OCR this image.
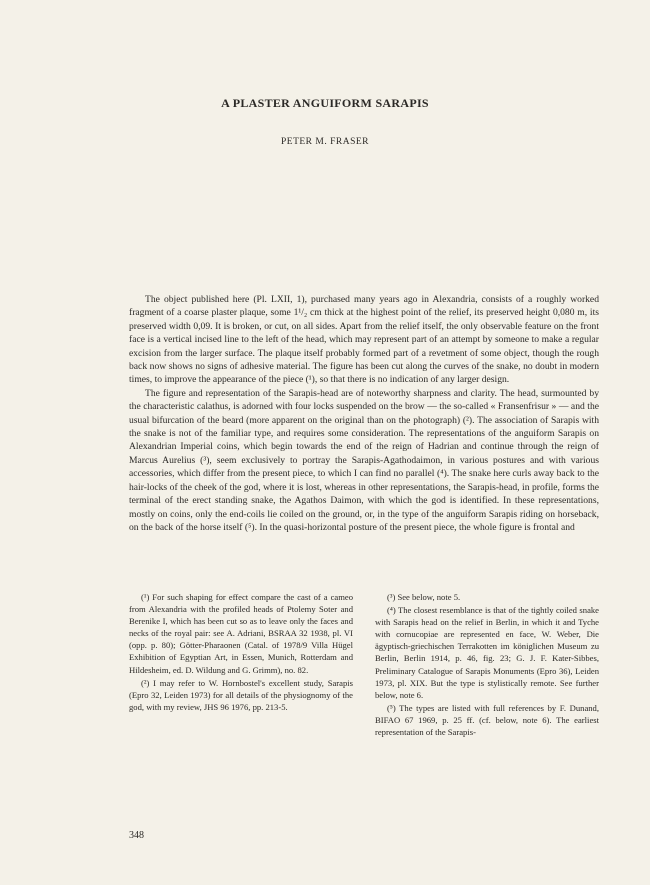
A PLASTER ANGUIFORM SARAPIS
PETER M. FRASER

The object published here (Pl. LXII, 1), purchased many years ago in Alexandria, consists of a roughly worked fragment of a coarse plaster plaque, some 1¹/₂ cm thick at the highest point of the relief, its preserved height 0,080 m, its preserved width 0,09. It is broken, or cut, on all sides. Apart from the relief itself, the only observable feature on the front face is a vertical incised line to the left of the head, which may represent part of an attempt by someone to make a regular excision from the larger surface. The plaque itself probably formed part of a revetment of some object, though the rough back now shows no signs of adhesive material. The figure has been cut along the curves of the snake, no doubt in modern times, to improve the appearance of the piece (¹), so that there is no indication of any larger design.

The figure and representation of the Sarapis-head are of noteworthy sharpness and clarity. The head, surmounted by the characteristic calathus, is adorned with four locks suspended on the brow — the so-called « Fransenfrisur » — and the usual bifurcation of the beard (more apparent on the original than on the photograph) (²). The association of Sarapis with the snake is not of the familiar type, and requires some consideration. The representations of the anguiform Sarapis on Alexandrian Imperial coins, which begin towards the end of the reign of Hadrian and continue through the reign of Marcus Aurelius (³), seem exclusively to portray the Sarapis-Agathodaimon, in various postures and with various accessories, which differ from the present piece, to which I can find no parallel (⁴). The snake here curls away back to the hair-locks of the cheek of the god, where it is lost, whereas in other representations, the Sarapis-head, in profile, forms the terminal of the erect standing snake, the Agathos Daimon, with which the god is identified. In these representations, mostly on coins, only the end-coils lie coiled on the ground, or, in the type of the anguiform Sarapis riding on horseback, on the back of the horse itself (⁵). In the quasi-horizontal posture of the present piece, the whole figure is frontal and

(¹) For such shaping for effect compare the cast of a cameo from Alexandria with the profiled heads of Ptolemy Soter and Berenike I, which has been cut so as to leave only the faces and necks of the royal pair: see A. Adriani, BSRAA 32 1938, pl. VI (opp. p. 80); Götter-Pharaonen (Catal. of 1978/9 Villa Hügel Exhibition of Egyptian Art, in Essen, Munich, Rotterdam and Hildesheim, ed. D. Wildung and G. Grimm), no. 82.

(²) I may refer to W. Hornbostel's excellent study, Sarapis (Epro 32, Leiden 1973) for all details of the physiognomy of the god, with my review, JHS 96 1976, pp. 213-5.

(³) See below, note 5.

(⁴) The closest resemblance is that of the tightly coiled snake with Sarapis head on the relief in Berlin, in which it and Tyche with cornucopiae are represented en face, W. Weber, Die ägyptisch-griechischen Terrakotten im königlichen Museum zu Berlin, Berlin 1914, p. 46, fig. 23; G. J. F. Kater-Sibbes, Preliminary Catalogue of Sarapis Monuments (Epro 36), Leiden 1973, pl. XIX. But the type is stylistically remote. See further below, note 6.

(⁵) The types are listed with full references by F. Dunand, BIFAO 67 1969, p. 25 ff. (cf. below, note 6). The earliest representation of the Sarapis-

348
